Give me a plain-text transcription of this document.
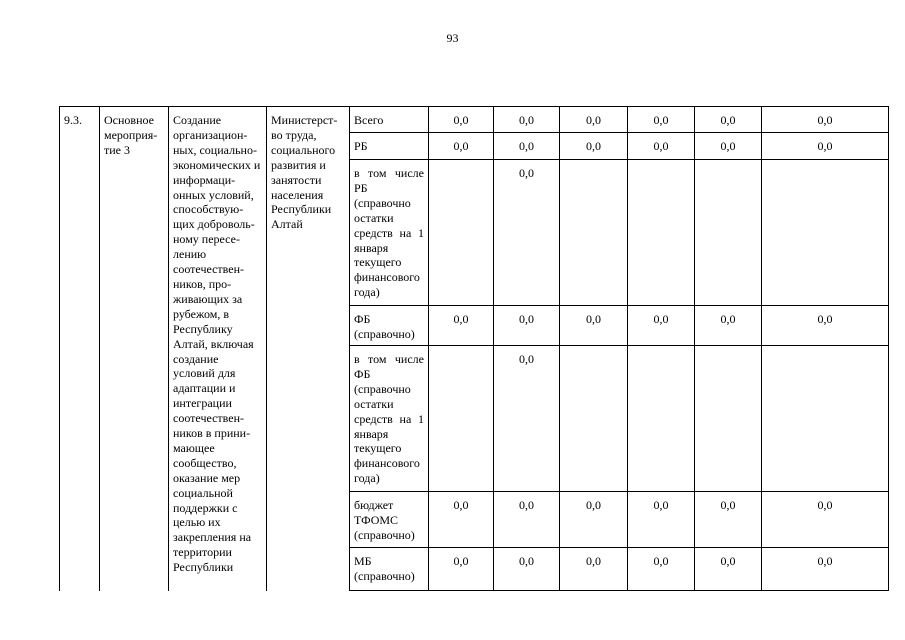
93
9.3.	Основное мероприя-тие 3	Создание организацион-ных, социально-экономических и информаци-онных условий, способствую-щих доброволь-ному пересе-лению соотечествен-ников, про-живающих за рубежом, в Республику Алтай, включая создание условий для адаптации и интеграции соотечествен-ников в прини-мающее сообщество, оказание мер социальной поддержки с целью их закрепления на территории Республики	Министерст-во труда, социального развития и занятости населения Республики Алтай	Всего	0,0	0,0	0,0	0,0	0,0	0,0
				РБ	0,0	0,0	0,0	0,0	0,0	0,0
				в том числе РБ (справочно остатки средств на 1 января текущего финансового года)		0,0				
				ФБ (справочно)	0,0	0,0	0,0	0,0	0,0	0,0
				в том числе ФБ (справочно остатки средств на 1 января текущего финансового года)		0,0				
				бюджет ТФОМС (справочно)	0,0	0,0	0,0	0,0	0,0	0,0
				МБ (справочно)	0,0	0,0	0,0	0,0	0,0	0,0
